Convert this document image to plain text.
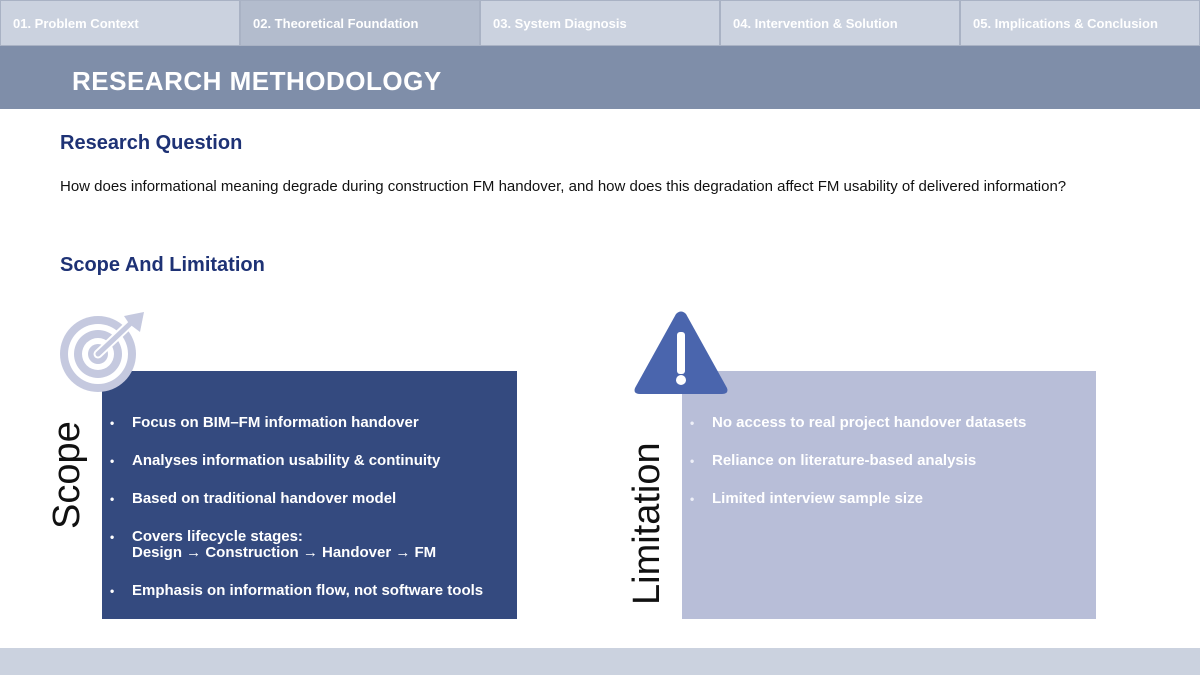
01. Problem Context	02. Theoretical Foundation	03. System Diagnosis	04. Intervention & Solution	05. Implications & Conclusion
RESEARCH METHODOLOGY
Research Question

How does informational meaning degrade during construction FM handover, and how does this degradation affect FM usability of delivered information?

Scope And Limitation
Scope
•	Focus on BIM–FM information handover
• Analyses information usability & continuity
• Based on traditional handover model
• Covers lifecycle stages:
Design → Construction → Handover → FM
• Emphasis on information flow, not software tools	Limitation
• No access to real project handover datasets
• Reliance on literature-based analysis
• Limited interview sample size
